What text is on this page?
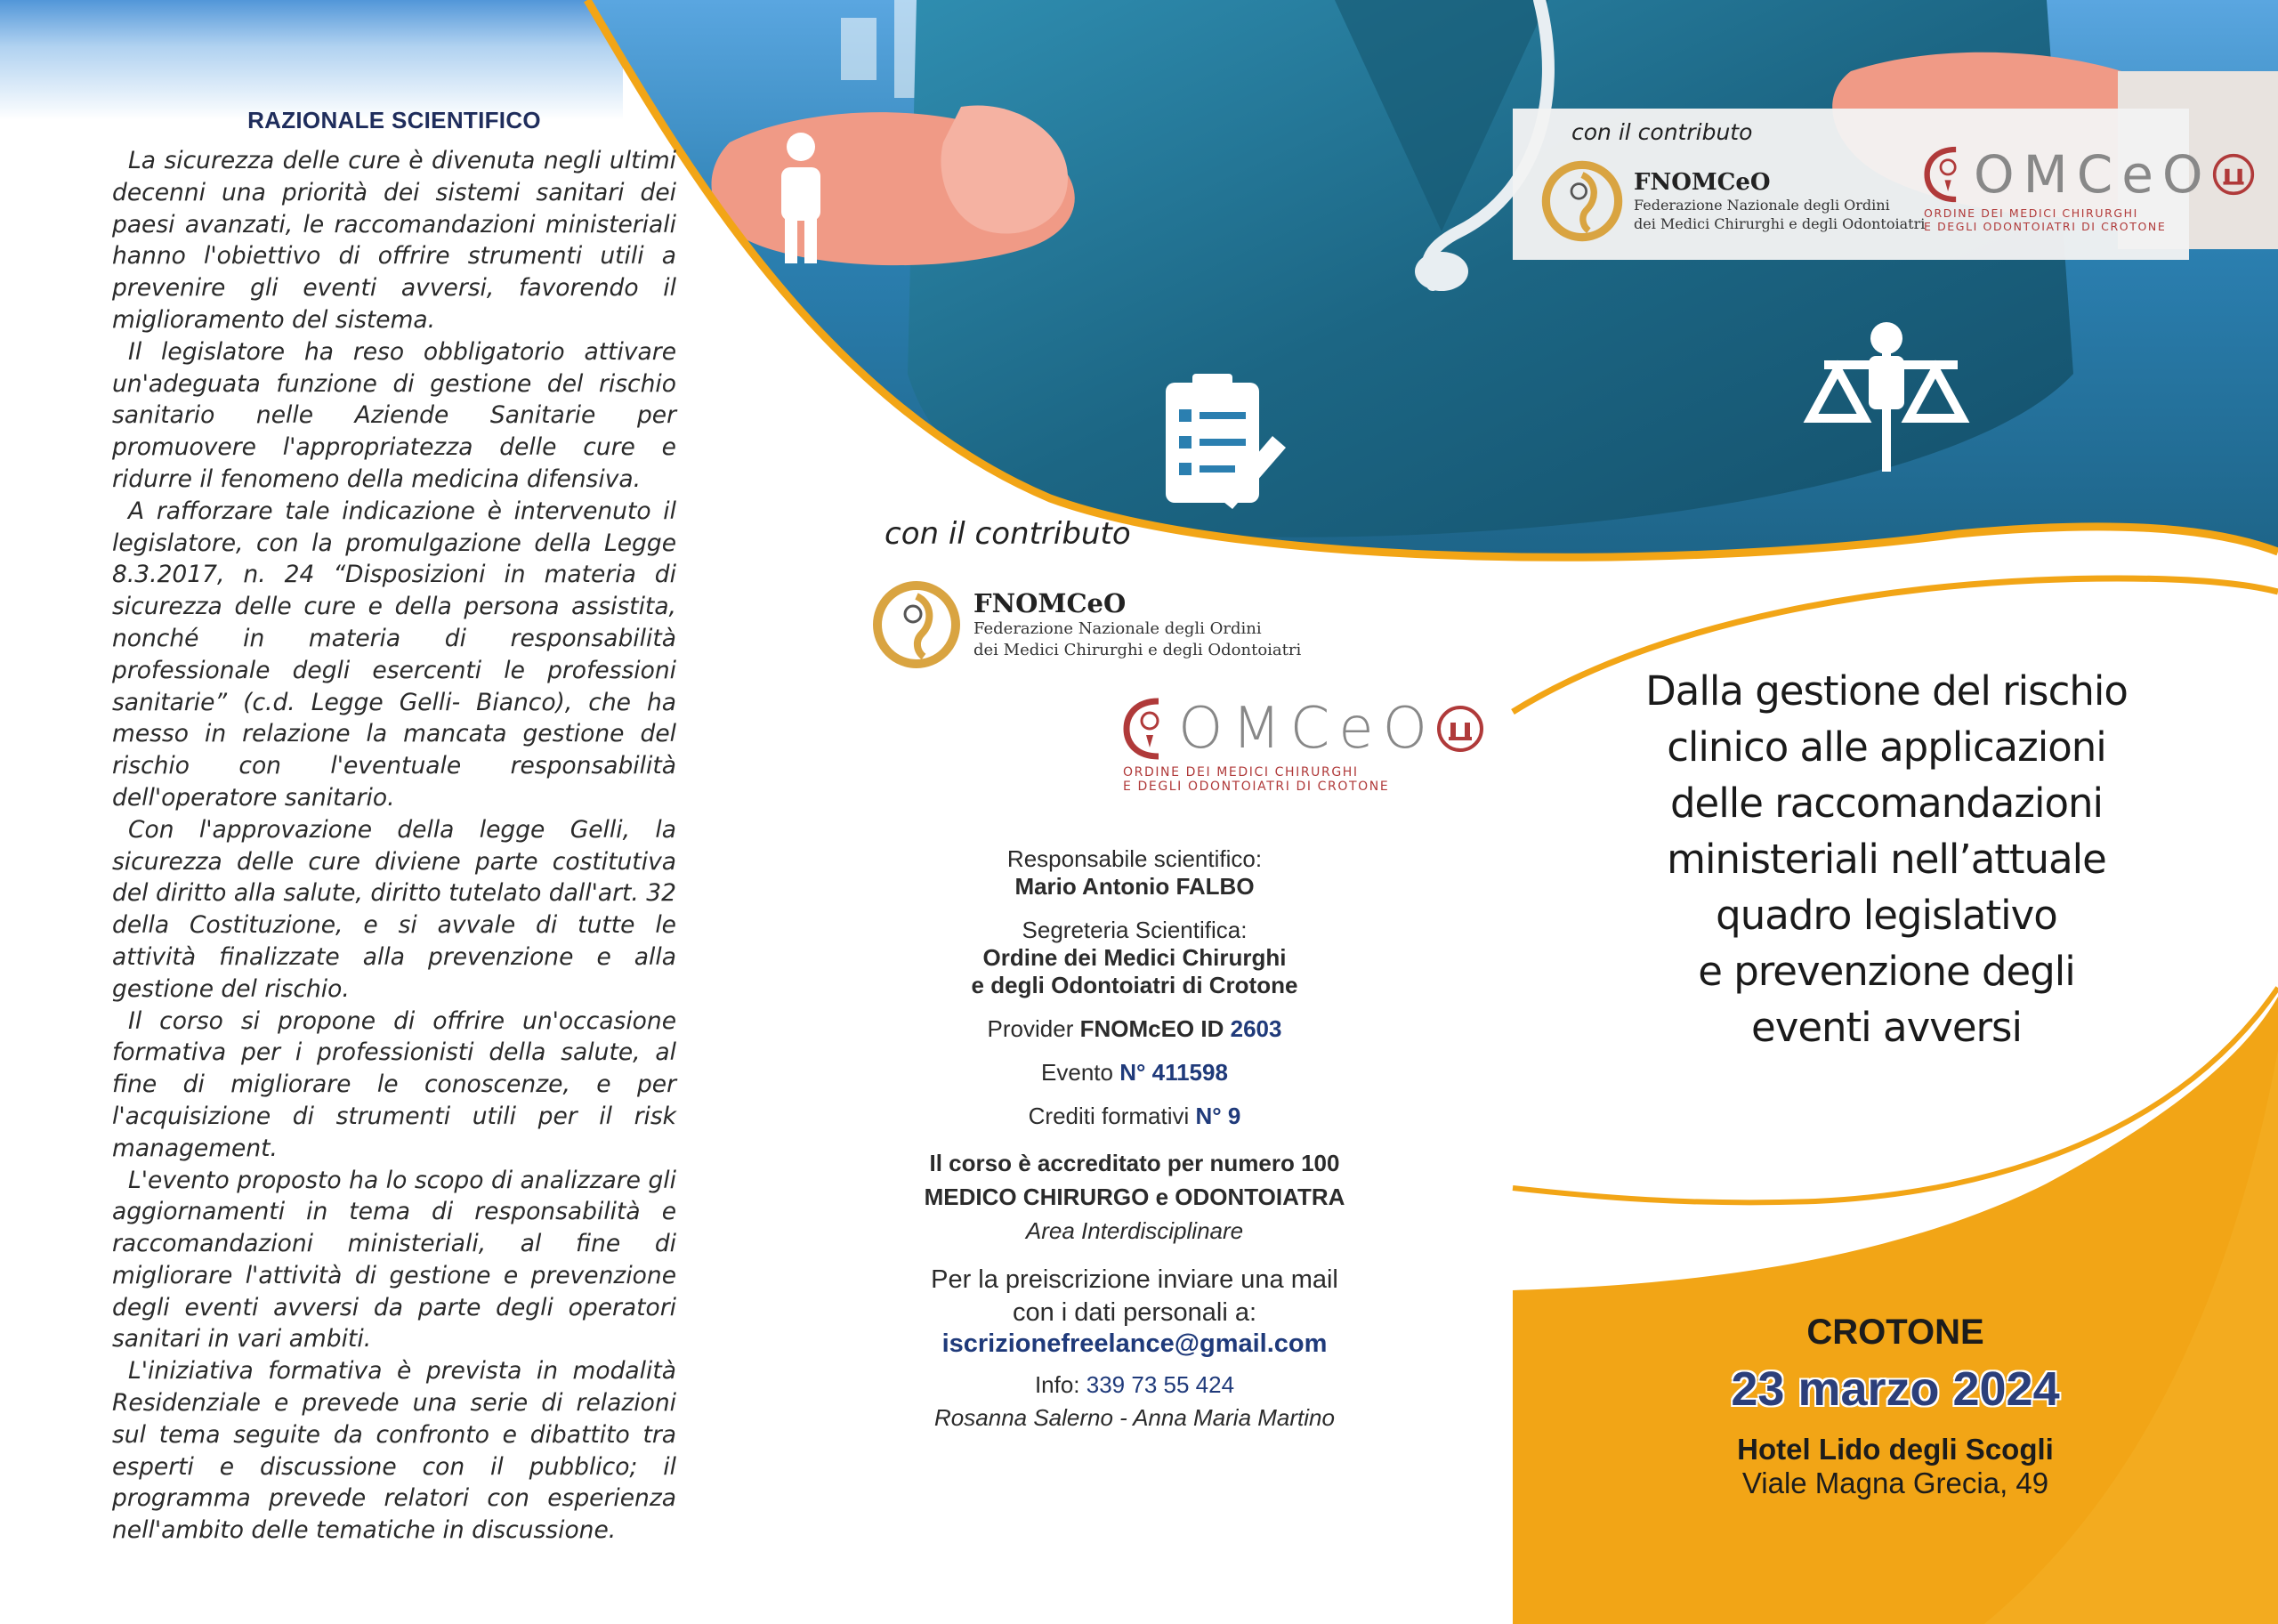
RAZIONALE SCIENTIFICO

La sicurezza delle cure è divenuta negli ultimi decenni una priorità dei sistemi sanitari dei paesi avanzati, le raccomandazioni ministeriali hanno l'obiettivo di offrire strumenti utili a prevenire gli eventi avversi, favorendo il miglioramento del sistema.

Il legislatore ha reso obbligatorio attivare un'adeguata funzione di gestione del rischio sanitario nelle Aziende Sanitarie per promuovere l'appropriatezza delle cure e ridurre il fenomeno della medicina difensiva.

A rafforzare tale indicazione è intervenuto il legislatore, con la promulgazione della Legge 8.3.2017, n. 24 “Disposizioni in materia di sicurezza delle cure e della persona assistita, nonché in materia di responsabilità professionale degli esercenti le professioni sanitarie” (c.d. Legge Gelli- Bianco), che ha messo in relazione la mancata gestione del rischio con l'eventuale responsabilità dell'operatore sanitario.

Con l'approvazione della legge Gelli, la sicurezza delle cure diviene parte costitutiva del diritto alla salute, diritto tutelato dall'art. 32 della Costituzione, e si avvale di tutte le attività finalizzate alla prevenzione e alla gestione del rischio.

Il corso si propone di offrire un'occasione formativa per i professionisti della salute, al fine di migliorare le conoscenze, e per l'acquisizione di strumenti utili per il risk management.

L'evento proposto ha lo scopo di analizzare gli aggiornamenti in tema di responsabilità e raccomandazioni ministeriali, al fine di migliorare l'attività di gestione e prevenzione degli eventi avversi da parte degli operatori sanitari in vari ambiti.

L'iniziativa formativa è prevista in modalità Residenziale e prevede una serie di relazioni sul tema seguite da confronto e dibattito tra esperti e discussione con il pubblico; il programma prevede relatori con esperienza nell'ambito delle tematiche in discussione.

con il contributo
FNOMCeO
Federazione Nazionale degli Ordini
dei Medici Chirurghi e degli Odontoiatri
OMCeO
ORDINE DEI MEDICI CHIRURGHI
E DEGLI ODONTOIATRI DI CROTONE
Responsabile scientifico:
Mario Antonio FALBO
Segreteria Scientifica:
Ordine dei Medici Chirurghi
e degli Odontoiatri di Crotone
Provider FNOMcEO ID 2603
Evento N° 411598
Crediti formativi N° 9
Il corso è accreditato per numero 100
MEDICO CHIRURGO e ODONTOIATRA
Area Interdisciplinare
Per la preiscrizione inviare una mail
con i dati personali a:
iscrizionefreelance@gmail.com
Info: 339 73 55 424
Rosanna Salerno - Anna Maria Martino
con il contributo
FNOMCeO
Federazione Nazionale degli Ordini
dei Medici Chirurghi e degli Odontoiatri
OMCeO
ORDINE DEI MEDICI CHIRURGHI
E DEGLI ODONTOIATRI DI CROTONE
Dalla gestione del rischio
clinico alle applicazioni
delle raccomandazioni
ministeriali nell’attuale
quadro legislativo
e prevenzione degli
eventi avversi
CROTONE
23 marzo 2024
Hotel Lido degli Scogli
Viale Magna Grecia, 49
